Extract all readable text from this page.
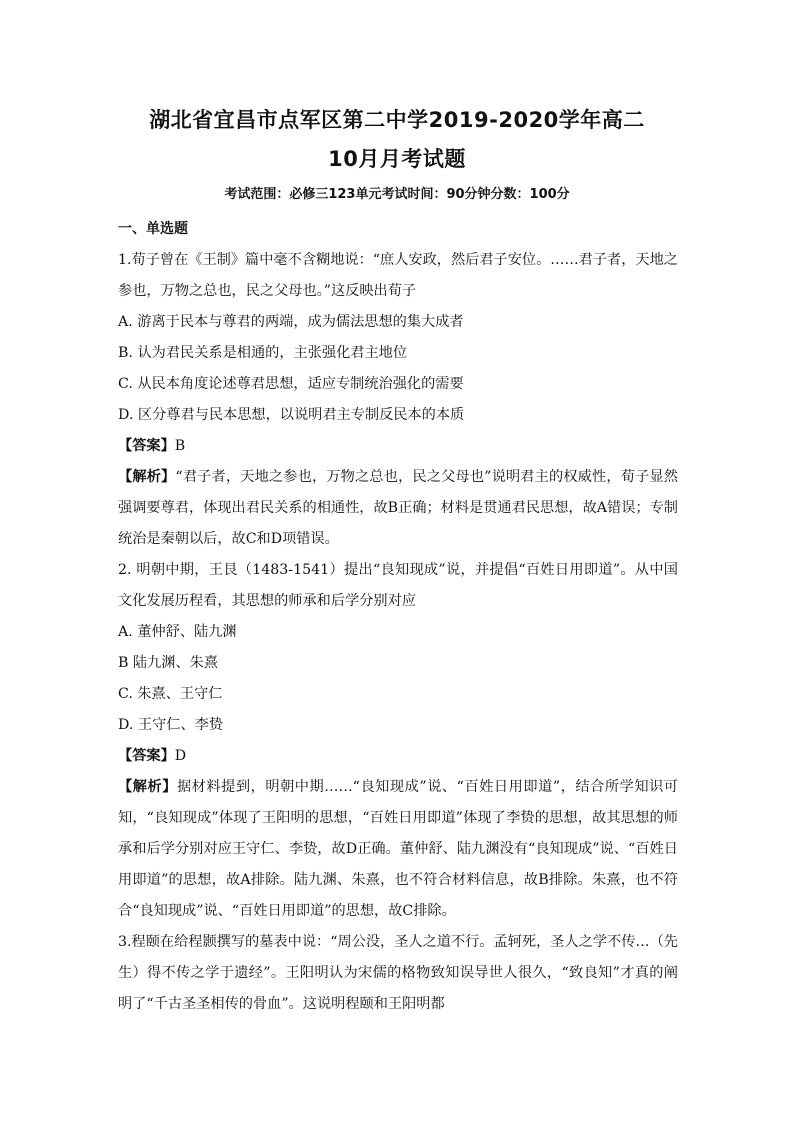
湖北省宜昌市点军区第二中学2019-2020学年高二
10月月考试题
考试范围：必修三123单元考试时间：90分钟分数：100分
一、单选题

1.荀子曾在《王制》篇中毫不含糊地说：“庶人安政，然后君子安位。……君子者，天地之参也，万物之总也，民之父母也。”这反映出荀子

A. 游离于民本与尊君的两端，成为儒法思想的集大成者

B. 认为君民关系是相通的，主张强化君主地位

C. 从民本角度论述尊君思想，适应专制统治强化的需要

D. 区分尊君与民本思想，以说明君主专制反民本的本质

【答案】B

【解析】“君子者，天地之参也，万物之总也，民之父母也”说明君主的权威性，荀子显然强调要尊君，体现出君民关系的相通性，故B正确；材料是贯通君民思想，故A错误；专制统治是秦朝以后，故C和D项错误。

2. 明朝中期，王艮（1483-1541）提出“良知现成”说，并提倡“百姓日用即道”。从中国文化发展历程看，其思想的师承和后学分别对应

A. 董仲舒、陆九渊

B 陆九渊、朱熹

C. 朱熹、王守仁

D. 王守仁、李贽

【答案】D

【解析】据材料提到，明朝中期……“良知现成”说、“百姓日用即道”，结合所学知识可知，“良知现成”体现了王阳明的思想，“百姓日用即道”体现了李贽的思想，故其思想的师承和后学分别对应王守仁、李贽，故D正确。董仲舒、陆九渊没有“良知现成”说、“百姓日用即道”的思想，故A排除。陆九渊、朱熹，也不符合材料信息，故B排除。朱熹，也不符合“良知现成”说、“百姓日用即道”的思想，故C排除。

3.程颐在给程颢撰写的墓表中说：“周公没，圣人之道不行。孟轲死，圣人之学不传…（先生）得不传之学于遗经”。王阳明认为宋儒的格物致知误导世人很久，“致良知”才真的阐明了“千古圣圣相传的骨血”。这说明程颐和王阳明都
